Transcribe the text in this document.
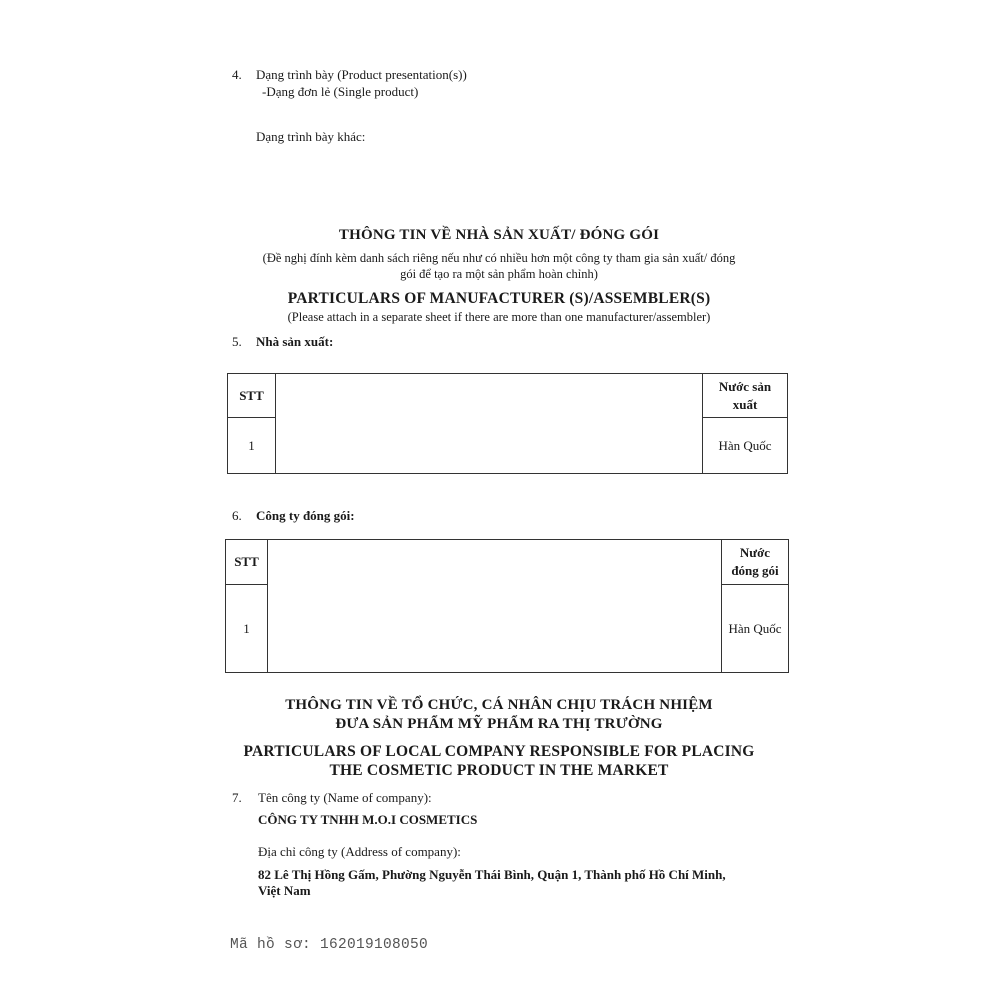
4. Dạng trình bày (Product presentation(s))
-Dạng đơn lẻ (Single product)
Dạng trình bày khác:
THÔNG TIN VỀ NHÀ SẢN XUẤT/ ĐÓNG GÓI
(Đề nghị đính kèm danh sách riêng nếu như có nhiều hơn một công ty tham gia sản xuất/ đóng
gói để tạo ra một sản phẩm hoàn chỉnh)
PARTICULARS OF MANUFACTURER (S)/ASSEMBLER(S)
(Please attach in a separate sheet if there are more than one manufacturer/assembler)
5. Nhà sản xuất:
STT		Nước sản
xuất

1		Hàn Quốc
6. Công ty đóng gói:
STT		Nước
đóng gói

1		Hàn Quốc
THÔNG TIN VỀ TỔ CHỨC, CÁ NHÂN CHỊU TRÁCH NHIỆM
ĐƯA SẢN PHẨM MỸ PHẨM RA THỊ TRƯỜNG
PARTICULARS OF LOCAL COMPANY RESPONSIBLE FOR PLACING
THE COSMETIC PRODUCT IN THE MARKET
7. Tên công ty (Name of company):
CÔNG TY TNHH M.O.I COSMETICS
Địa chỉ công ty (Address of company):
82 Lê Thị Hồng Gấm, Phường Nguyễn Thái Bình, Quận 1, Thành phố Hồ Chí Minh,
Việt Nam
Mã hồ sơ: 162019108050
